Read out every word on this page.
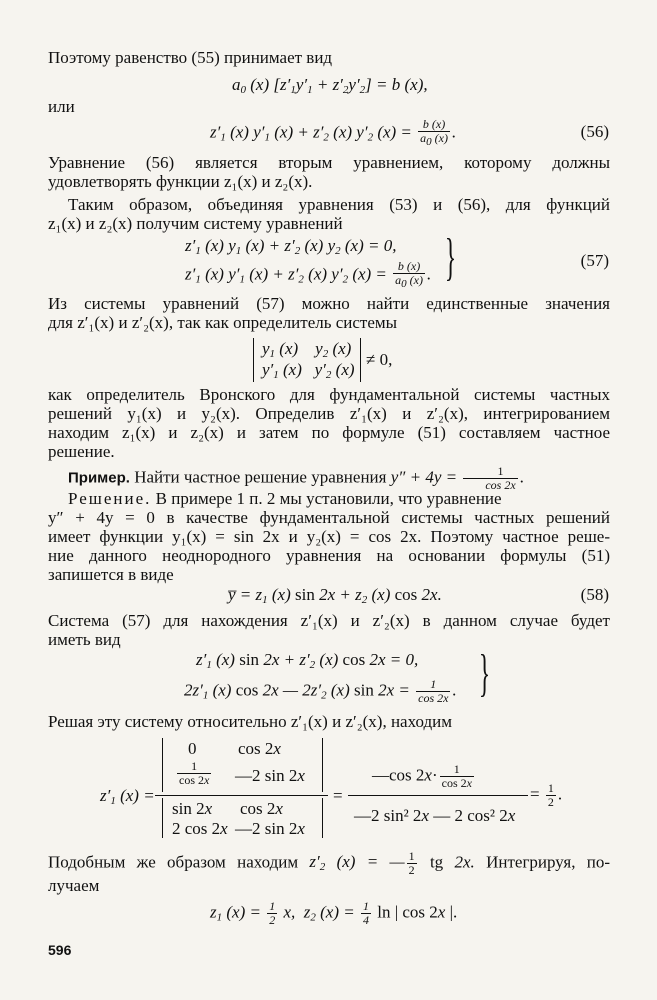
Поэтому равенство (55) принимает вид
$a_0$ (x) $[z'_1y'_1 + z'_2y'_2] = b$ (x),
или
$z'_1$ (x) $y'_1$ $(x) + z'_2$ (x) $y'_2$ $(x) = \frac{b (x)}{a_0 (x)}$ .	(56)
Уравнение (56) является вторым уравнением, которому должны
удовлетворять функции z₁(x) и z₂(x).
Таким образом, объединяя уравнения (53) и (56), для функций
z₁(x) и z₂(x) получим систему уравнений
$z'_1$ (x) $y_1$ $(x) + z'_2$ (x) $y_2$ (x) = 0,
$z'_1$ (x) $y'_1$ $(x) + z'_2$ (x) $y'_2$ $(x) = \frac{b (x)}{a_0 (x)}$ . }	(57)
Из системы уравнений (57) можно найти единственные значения
для z′₁(x) и z′₂(x), так как определитель системы
$y_1$ (x)    $y_2$ (x)
$y'_1$ (x)   $y'_2$ (x)
≠ 0,
как определитель Вронского для фундаментальной системы частных
решений y₁(x) и y₂(x). Определив z′₁(x) и z′₂(x), интегрированием
находим z₁(x) и z₂(x) и затем по формуле (51) составляем частное
решение.
Пример. Найти частное решение уравнения $y'' + 4y = \frac{1}{\cos 2x}$ .
Решение. В примере 1 п. 2 мы установили, что уравнение
y″ + 4y = 0 в качестве фундаментальной системы частных решений
имеет функции y₁(x) = sin 2x и y₂(x) = cos 2x. Поэтому частное реше-
ние данного неоднородного уравнения на основании формулы (51)
запишется в виде
y̅ = $z_1$ (x) $\sin 2x + z_2$ (x) cos 2x.	(58)
Система (57) для нахождения z′₁(x) и z′₂(x) в данном случае будет
иметь вид
$z'_1$ (x) $\sin 2x + z'_2$ (x) cos 2x = 0,
$2z'_1$ (x) cos 2x — $2z'_2$ (x) $\sin 2x = \frac{1}{\cos 2x}$ . }
Решая эту систему относительно z′₁(x) и z′₂(x), находим
$z'_1$ (x) =
0 cos 2x
$\frac{1}{\cos 2x}$ —2 sin 2x
sin 2x cos 2x
2 cos 2x —2 sin 2x
=
—cos $2x\cdot \frac{1}{\cos 2x}$
—2 sin² 2x — 2 cos² 2x
= $\frac{1}{2}$ .
Подобным же образом находим $z'_2$ (x) = — $\frac{1}{2}$ tg 2x. Интегрируя, по-
лучаем
$z_1$ $(x) = \frac{1}{2} x$,  $z_2$ $(x) = \frac{1}{4}$ ln | cos 2x |.
596
